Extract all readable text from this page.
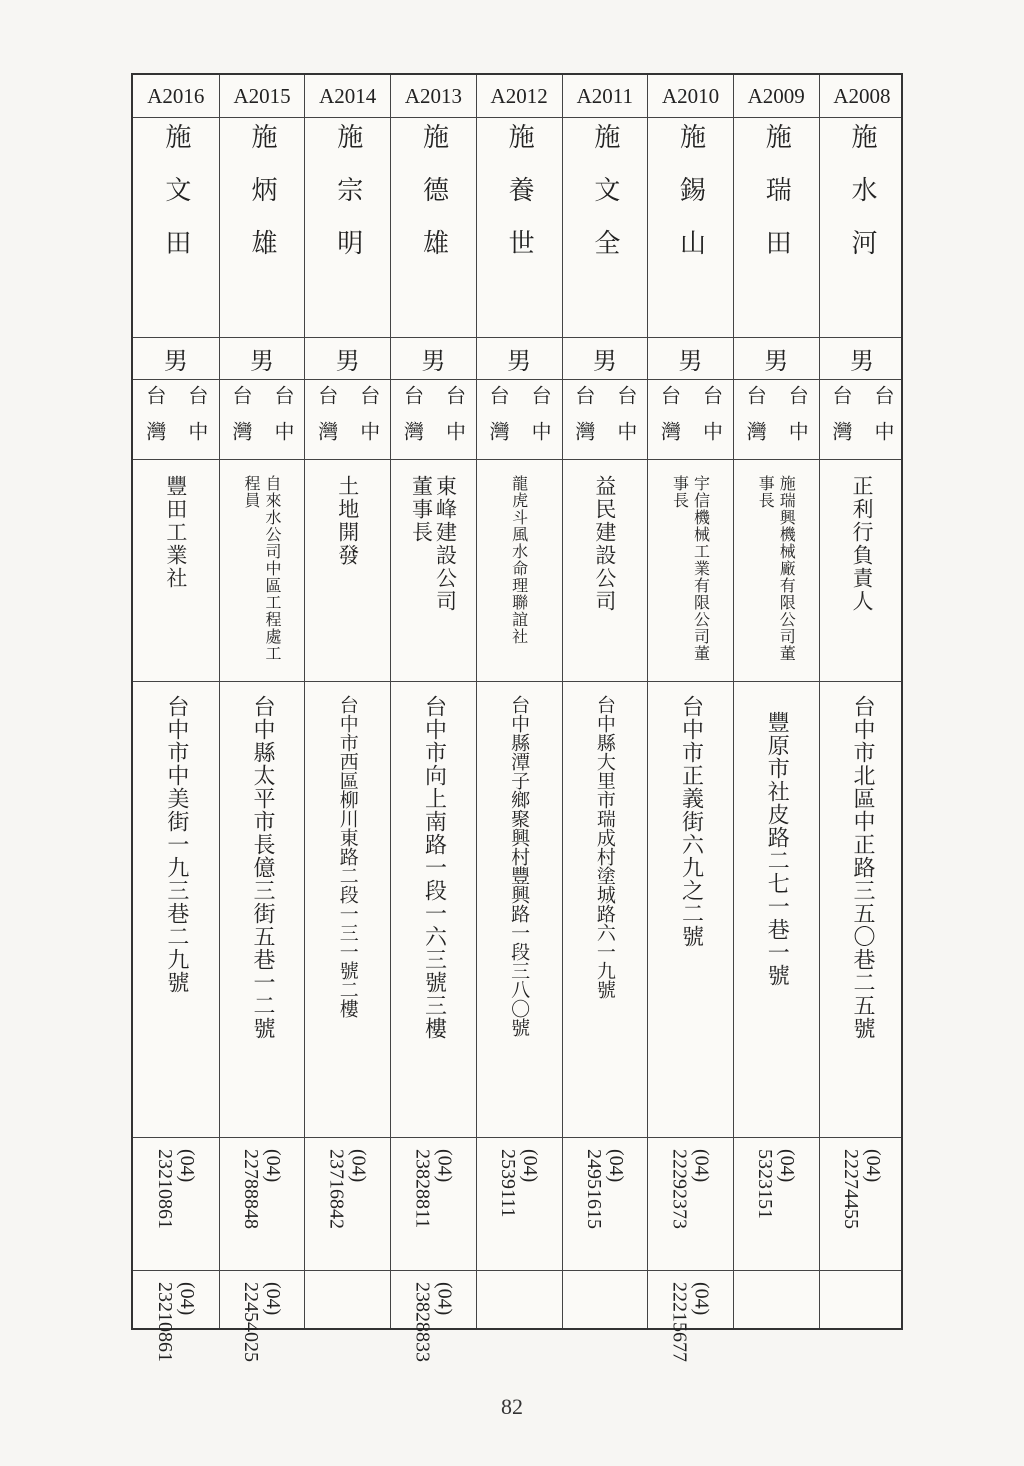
A2016
施文田
男
台灣 台中
豐田工業社
台中市中美街一九三巷二九號
(04)
23210861
(04)
23210861
A2015
施炳雄
男
台灣 台中
自來水公司中區工程處工程員
台中縣太平市長億三街五巷一二號
(04)
22788848
(04)
22454025
A2014
施宗明
男
台灣 台中
土地開發
台中市西區柳川東路二段一三一號二樓
(04)
23716842
A2013
施德雄
男
台灣 台中
東峰建設公司董事長
台中市向上南路一段一六三號三樓
(04)
23828811
(04)
23828833
A2012
施養世
男
台灣 台中
龍虎斗風水命理聯誼社
台中縣潭子鄉聚興村豐興路一段三八〇號
(04)
2539111
A2011
施文全
男
台灣 台中
益民建設公司
台中縣大里市瑞成村塗城路六一九號
(04)
24951615
A2010
施錫山
男
台灣 台中
宇信機械工業有限公司董事長
台中市正義街六九之二號
(04)
22292373
(04)
22215677
A2009
施瑞田
男
台灣 台中
施瑞興機械廠有限公司董事長
豐原市社皮路二七一巷一號
(04)
5323151
A2008
施水河
男
台灣 台中
正利行負責人
台中市北區中正路三五〇巷二五號
(04)
22274455
82
